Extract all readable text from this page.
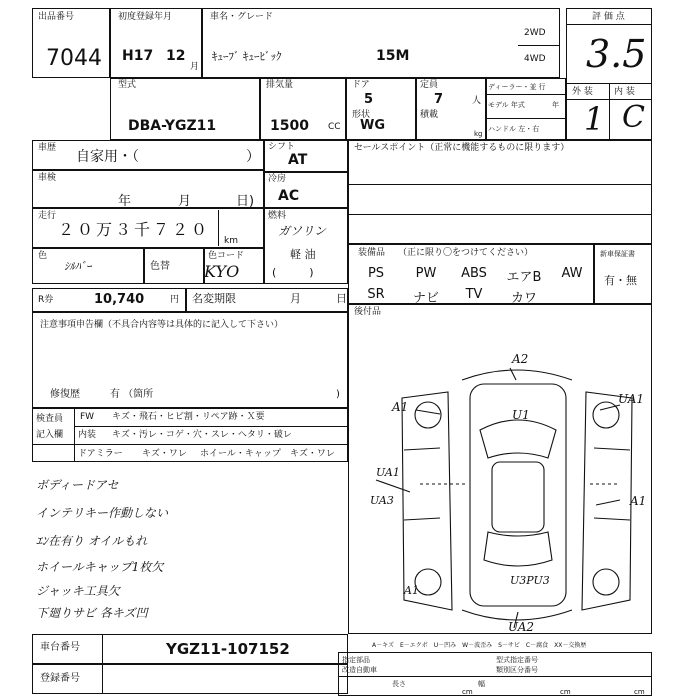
出品番号
7044
初度登録年月
H17 12
月
車名・グレード
ｷｭｰﾌﾞ ｷｭｰﾋﾞｯｸ	15M
2WD
4WD
評 価 点
3.5
外 装 内 装
1 C
型式
DBA-YGZ11
排気量
1500 CC
ドア
5
形状
WG
定員
7	人
積載
kg
ディーラー・並 行
モデル 年式	年
ハンドル 左・右
車歴
自家用・（	）
シフト
AT
車検
年	月	日)
冷房
AC
走行
２０万３千７２０
km
燃料
ガソリン
軽 油
(　　　)
色
ｼﾙﾊﾞｰ	色替
色コード
KYO
R券	10,740	円 名変期限	月	日
注意事項申告欄（不具合内容等は具体的に記入して下さい）
修復歴	有 （箇所	)
検査員
記入欄
FW キズ・飛石・ヒビ割・リペア跡・Ｘ要
内装 キズ・汚レ・コゲ・穴・スレ・ヘタリ・破レ
ドアミラー キズ・ワレ ホイール・キャップ キズ・ワレ
ボディードアセ
インテリキー作動しない
ｴﾝ在有り オイルもれ
ホイールキャップ1枚欠
ジャッキ工具欠
下廻りサビ 各キズ凹
セールスポイント（正常に機能するものに限ります）
装備品 （正に限り〇をつけてください）
PS	PW	ABS	エアB	AW
SR	ナビ	TV	カワ
新車保証書
有・無
後付品
A2
A1
U1
UA1
UA1
UA3	A1
U3PU3
A1
UA2
車台番号	YGZ11-107152
登録番号
A－キズ　E－エクボ　U－凹み　W－波歪み　S－サビ　C－腐食　XX－交換歴
指定部品
改造自動車
型式指定番号
類別区分番号
長さ	幅
cm	cm	cm
